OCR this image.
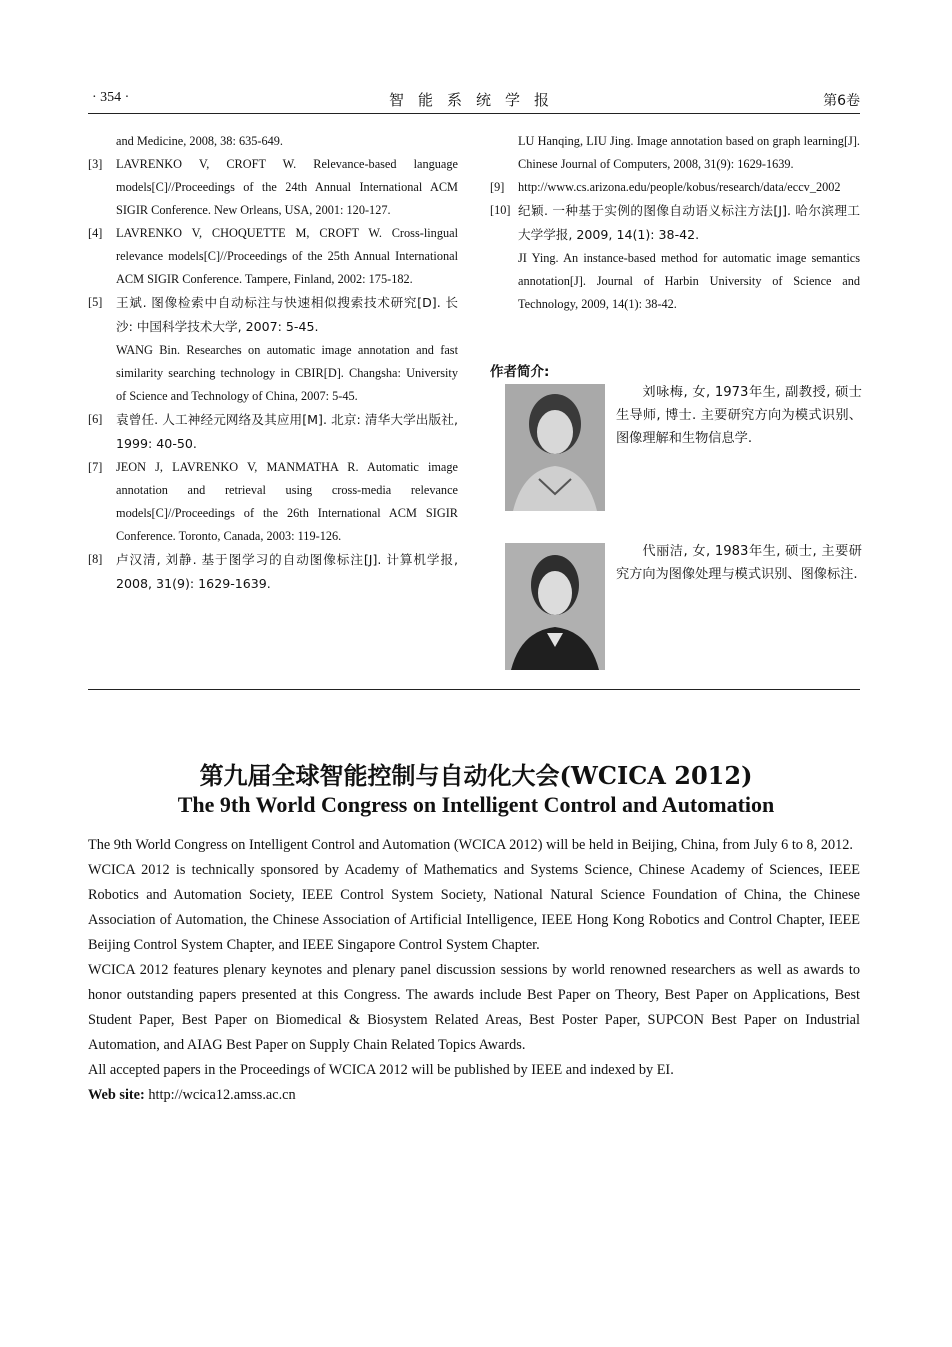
· 354 ·	智能系统学报	第6卷
and Medicine, 2008, 38: 635-649.
[3] LAVRENKO V, CROFT W. Relevance-based language models[C]//Proceedings of the 24th Annual International ACM SIGIR Conference. New Orleans, USA, 2001: 120-127.
[4] LAVRENKO V, CHOQUETTE M, CROFT W. Cross-lingual relevance models[C]//Proceedings of the 25th Annual International ACM SIGIR Conference. Tampere, Finland, 2002: 175-182.
[5] 王斌. 图像检索中自动标注与快速相似搜索技术研究[D]. 长沙: 中国科学技术大学, 2007: 5-45.
WANG Bin. Researches on automatic image annotation and fast similarity searching technology in CBIR[D]. Changsha: University of Science and Technology of China, 2007: 5-45.
[6] 袁曾任. 人工神经元网络及其应用[M]. 北京: 清华大学出版社, 1999: 40-50.
[7] JEON J, LAVRENKO V, MANMATHA R. Automatic image annotation and retrieval using cross-media relevance models[C]//Proceedings of the 26th International ACM SIGIR Conference. Toronto, Canada, 2003: 119-126.
[8] 卢汉清, 刘静. 基于图学习的自动图像标注[J]. 计算机学报, 2008, 31(9): 1629-1639.
LU Hanqing, LIU Jing. Image annotation based on graph learning[J]. Chinese Journal of Computers, 2008, 31(9): 1629-1639.
[9] http://www.cs.arizona.edu/people/kobus/research/data/eccv_2002
[10] 纪颖. 一种基于实例的图像自动语义标注方法[J]. 哈尔滨理工大学学报, 2009, 14(1): 38-42.
JI Ying. An instance-based method for automatic image semantics annotation[J]. Journal of Harbin University of Science and Technology, 2009, 14(1): 38-42.
作者简介:
刘咏梅, 女, 1973年生, 副教授, 硕士生导师, 博士. 主要研究方向为模式识别、图像理解和生物信息学.
代丽洁, 女, 1983年生, 硕士, 主要研究方向为图像处理与模式识别、图像标注.
第九届全球智能控制与自动化大会(WCICA 2012)
The 9th World Congress on Intelligent Control and Automation

The 9th World Congress on Intelligent Control and Automation (WCICA 2012) will be held in Beijing, China, from July 6 to 8, 2012.

WCICA 2012 is technically sponsored by Academy of Mathematics and Systems Science, Chinese Academy of Sciences, IEEE Robotics and Automation Society, IEEE Control System Society, National Natural Science Foundation of China, the Chinese Association of Automation, the Chinese Association of Artificial Intelligence, IEEE Hong Kong Robotics and Control Chapter, IEEE Beijing Control System Chapter, and IEEE Singapore Control System Chapter.

WCICA 2012 features plenary keynotes and plenary panel discussion sessions by world renowned researchers as well as awards to honor outstanding papers presented at this Congress. The awards include Best Paper on Theory, Best Paper on Applications, Best Student Paper, Best Paper on Biomedical & Biosystem Related Areas, Best Poster Paper, SUPCON Best Paper on Industrial Automation, and AIAG Best Paper on Supply Chain Related Topics Awards.

All accepted papers in the Proceedings of WCICA 2012 will be published by IEEE and indexed by EI.

Web site: http://wcica12.amss.ac.cn
